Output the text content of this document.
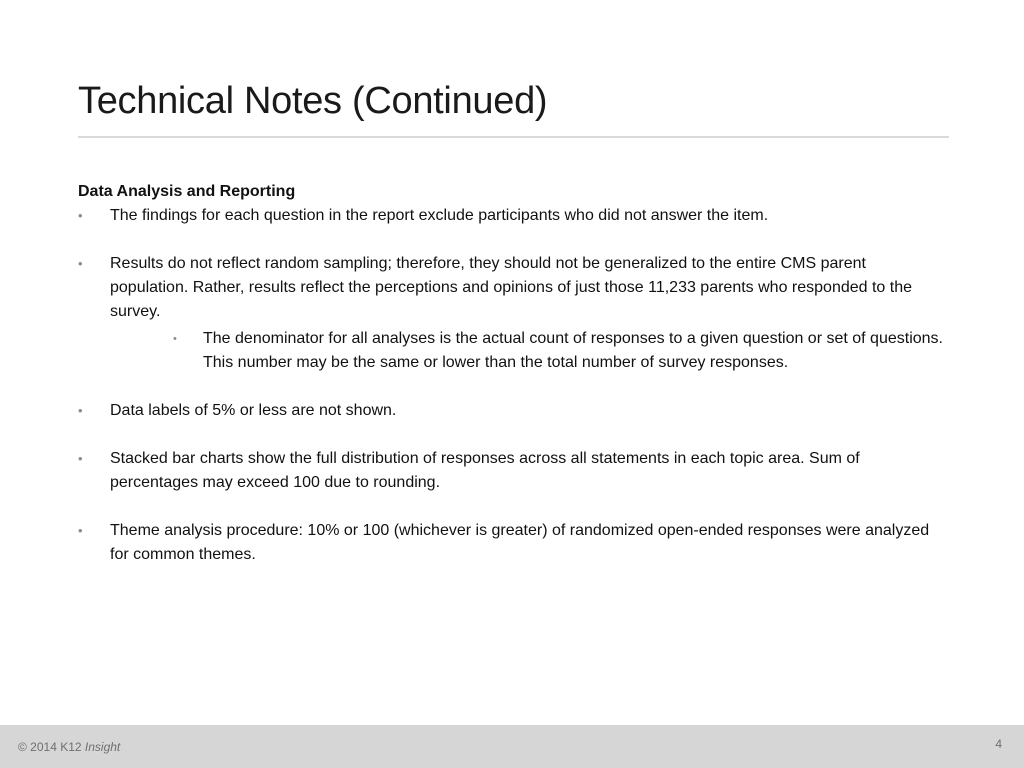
Technical Notes (Continued)

Data Analysis and Reporting

• The findings for each question in the report exclude participants who did not answer the item.
• Results do not reflect random sampling; therefore, they should not be generalized to the entire CMS parent population. Rather, results reflect the perceptions and opinions of just those 11,233 parents who responded to the survey.
• The denominator for all analyses is the actual count of responses to a given question or set of questions. This number may be the same or lower than the total number of survey responses.
• Data labels of 5% or less are not shown.
• Stacked bar charts show the full distribution of responses across all statements in each topic area. Sum of percentages may exceed 100 due to rounding.
• Theme analysis procedure: 10% or 100 (whichever is greater) of randomized open-ended responses were analyzed for common themes.
© 2014 K12 Insight	4
